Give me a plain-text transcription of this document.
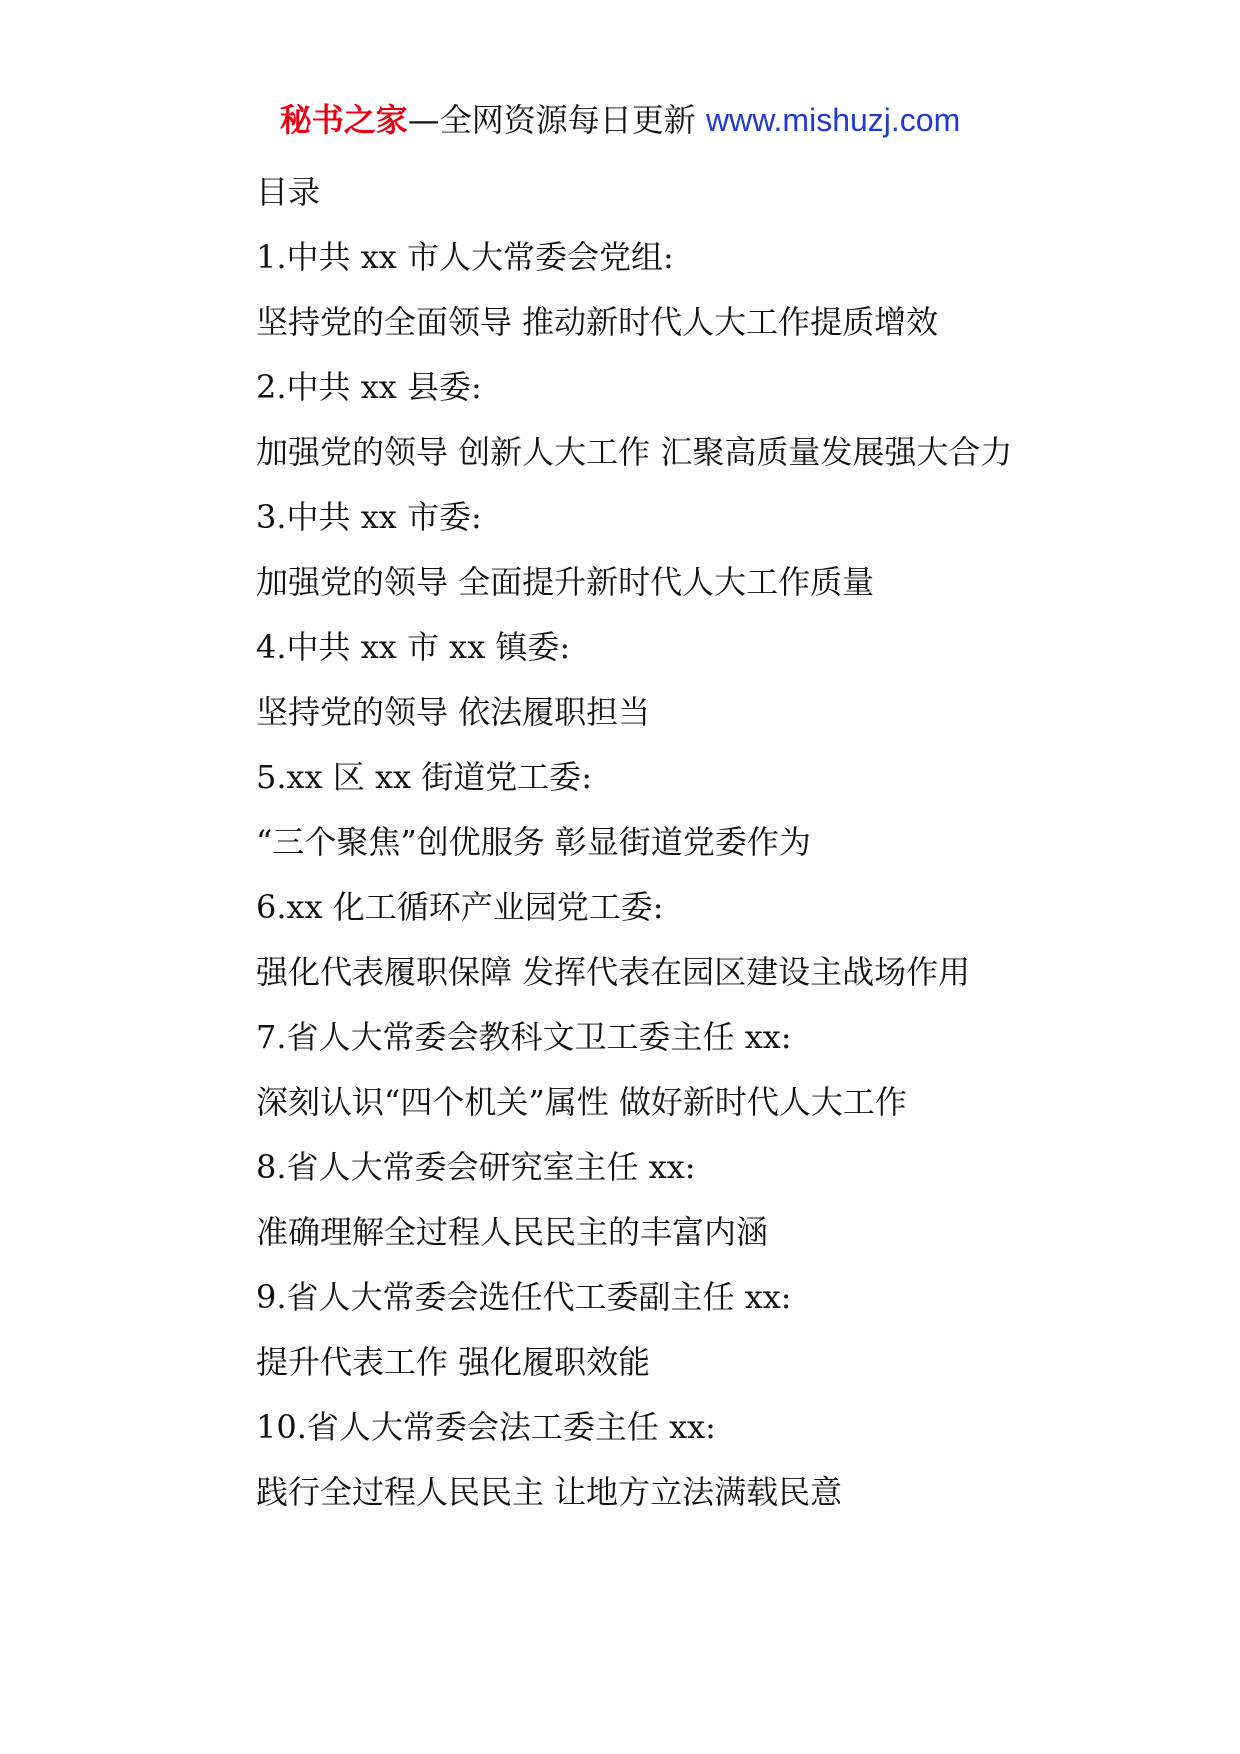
秘书之家—全网资源每日更新 www.mishuzj.com
目录
1.中共 xx 市人大常委会党组:
坚持党的全面领导 推动新时代人大工作提质增效
2.中共 xx 县委:
加强党的领导 创新人大工作 汇聚高质量发展强大合力
3.中共 xx 市委:
加强党的领导 全面提升新时代人大工作质量
4.中共 xx 市 xx 镇委:
坚持党的领导 依法履职担当
5.xx 区 xx 街道党工委:
“三个聚焦”创优服务 彰显街道党委作为
6.xx 化工循环产业园党工委:
强化代表履职保障 发挥代表在园区建设主战场作用
7.省人大常委会教科文卫工委主任 xx:
深刻认识“四个机关”属性 做好新时代人大工作
8.省人大常委会研究室主任 xx:
准确理解全过程人民民主的丰富内涵
9.省人大常委会选任代工委副主任 xx:
提升代表工作 强化履职效能
10.省人大常委会法工委主任 xx:
践行全过程人民民主 让地方立法满载民意
